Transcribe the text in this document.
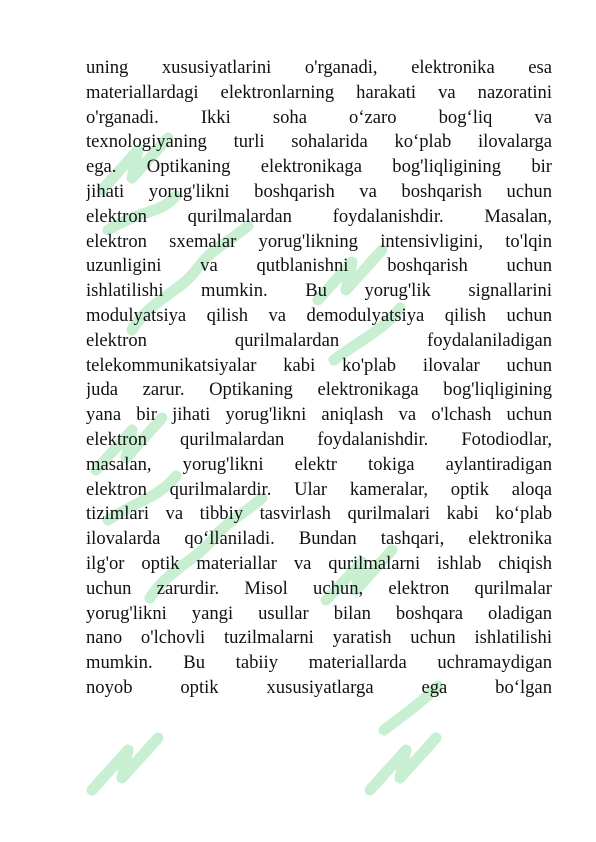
uning xususiyatlarini o'rganadi, elektronika esa
materiallardagi elektronlarning harakati va nazoratini
o'rganadi. Ikki soha o‘zaro bog‘liq va
texnologiyaning turli sohalarida ko‘plab ilovalarga
ega. Optikaning elektronikaga bog'liqligining bir
jihati yorug'likni boshqarish va boshqarish uchun
elektron qurilmalardan foydalanishdir. Masalan,
elektron sxemalar yorug'likning intensivligini, to'lqin
uzunligini va qutblanishni boshqarish uchun
ishlatilishi mumkin. Bu yorug'lik signallarini
modulyatsiya qilish va demodulyatsiya qilish uchun
elektron qurilmalardan foydalaniladigan
telekommunikatsiyalar kabi ko'plab ilovalar uchun
juda zarur. Optikaning elektronikaga bog'liqligining
yana bir jihati yorug'likni aniqlash va o'lchash uchun
elektron qurilmalardan foydalanishdir. Fotodiodlar,
masalan, yorug'likni elektr tokiga aylantiradigan
elektron qurilmalardir. Ular kameralar, optik aloqa
tizimlari va tibbiy tasvirlash qurilmalari kabi ko‘plab
ilovalarda qo‘llaniladi. Bundan tashqari, elektronika
ilg'or optik materiallar va qurilmalarni ishlab chiqish
uchun zarurdir. Misol uchun, elektron qurilmalar
yorug'likni yangi usullar bilan boshqara oladigan
nano o'lchovli tuzilmalarni yaratish uchun ishlatilishi
mumkin. Bu tabiiy materiallarda uchramaydigan
noyob optik xususiyatlarga ega bo‘lgan
